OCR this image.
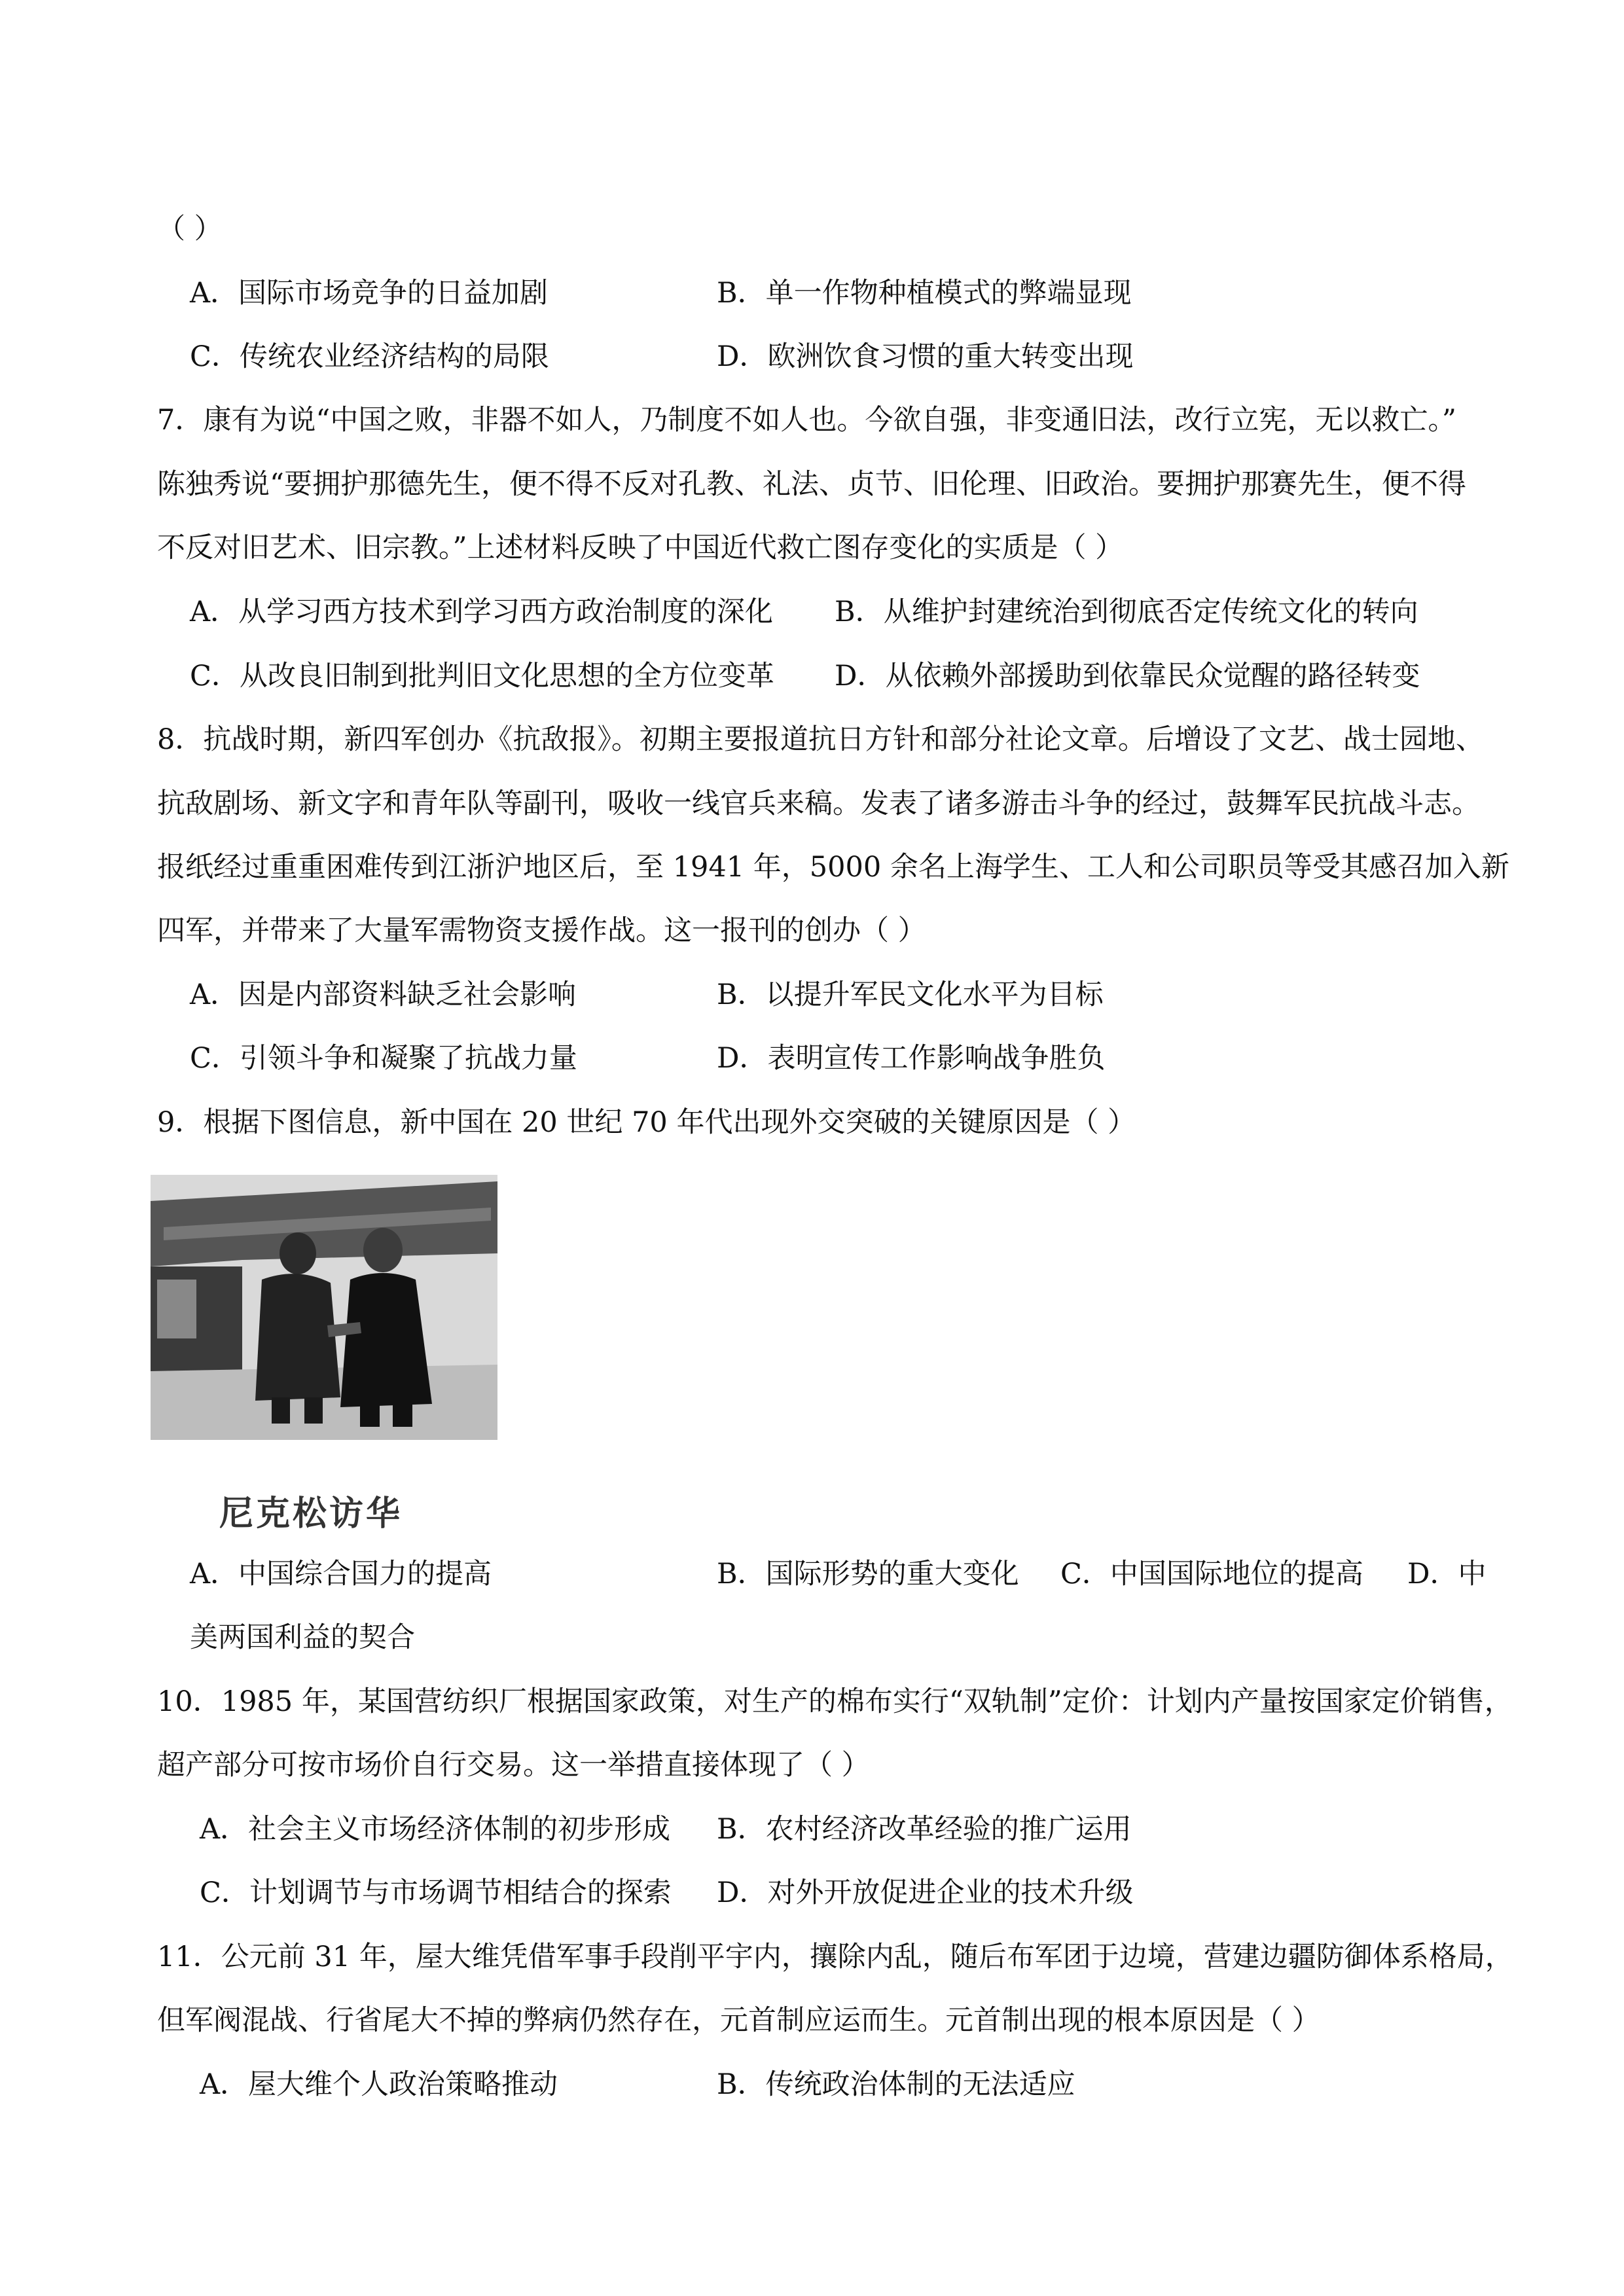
（ ）
A．国际市场竞争的日益加剧	B．单一作物种植模式的弊端显现
C．传统农业经济结构的局限	D．欧洲饮食习惯的重大转变出现
7．康有为说“中国之败，非器不如人，乃制度不如人也。今欲自强，非变通旧法，改行立宪，无以救亡。”
陈独秀说“要拥护那德先生，便不得不反对孔教、礼法、贞节、旧伦理、旧政治。要拥护那赛先生，便不得
不反对旧艺术、旧宗教。”上述材料反映了中国近代救亡图存变化的实质是（ ）
A．从学习西方技术到学习西方政治制度的深化 B．从维护封建统治到彻底否定传统文化的转向
C．从改良旧制到批判旧文化思想的全方位变革 D．从依赖外部援助到依靠民众觉醒的路径转变
8．抗战时期，新四军创办《抗敌报》。初期主要报道抗日方针和部分社论文章。后增设了文艺、战士园地、
抗敌剧场、新文字和青年队等副刊，吸收一线官兵来稿。发表了诸多游击斗争的经过，鼓舞军民抗战斗志。
报纸经过重重困难传到江浙沪地区后，至 1941 年，5000 余名上海学生、工人和公司职员等受其感召加入新
四军，并带来了大量军需物资支援作战。这一报刊的创办（ ）
A．因是内部资料缺乏社会影响	B．以提升军民文化水平为目标
C．引领斗争和凝聚了抗战力量	D．表明宣传工作影响战争胜负
9．根据下图信息，新中国在 20 世纪 70 年代出现外交突破的关键原因是（ ）
尼克松访华
A．中国综合国力的提高	B．国际形势的重大变化 C．中国国际地位的提高 D．中
美两国利益的契合
10．1985 年，某国营纺织厂根据国家政策，对生产的棉布实行“双轨制”定价：计划内产量按国家定价销售，
超产部分可按市场价自行交易。这一举措直接体现了（ ）
A．社会主义市场经济体制的初步形成 B．农村经济改革经验的推广运用
C．计划调节与市场调节相结合的探索 D．对外开放促进企业的技术升级
11．公元前 31 年，屋大维凭借军事手段削平宇内，攘除内乱，随后布军团于边境，营建边疆防御体系格局，
但军阀混战、行省尾大不掉的弊病仍然存在，元首制应运而生。元首制出现的根本原因是（ ）
A．屋大维个人政治策略推动	B．传统政治体制的无法适应
